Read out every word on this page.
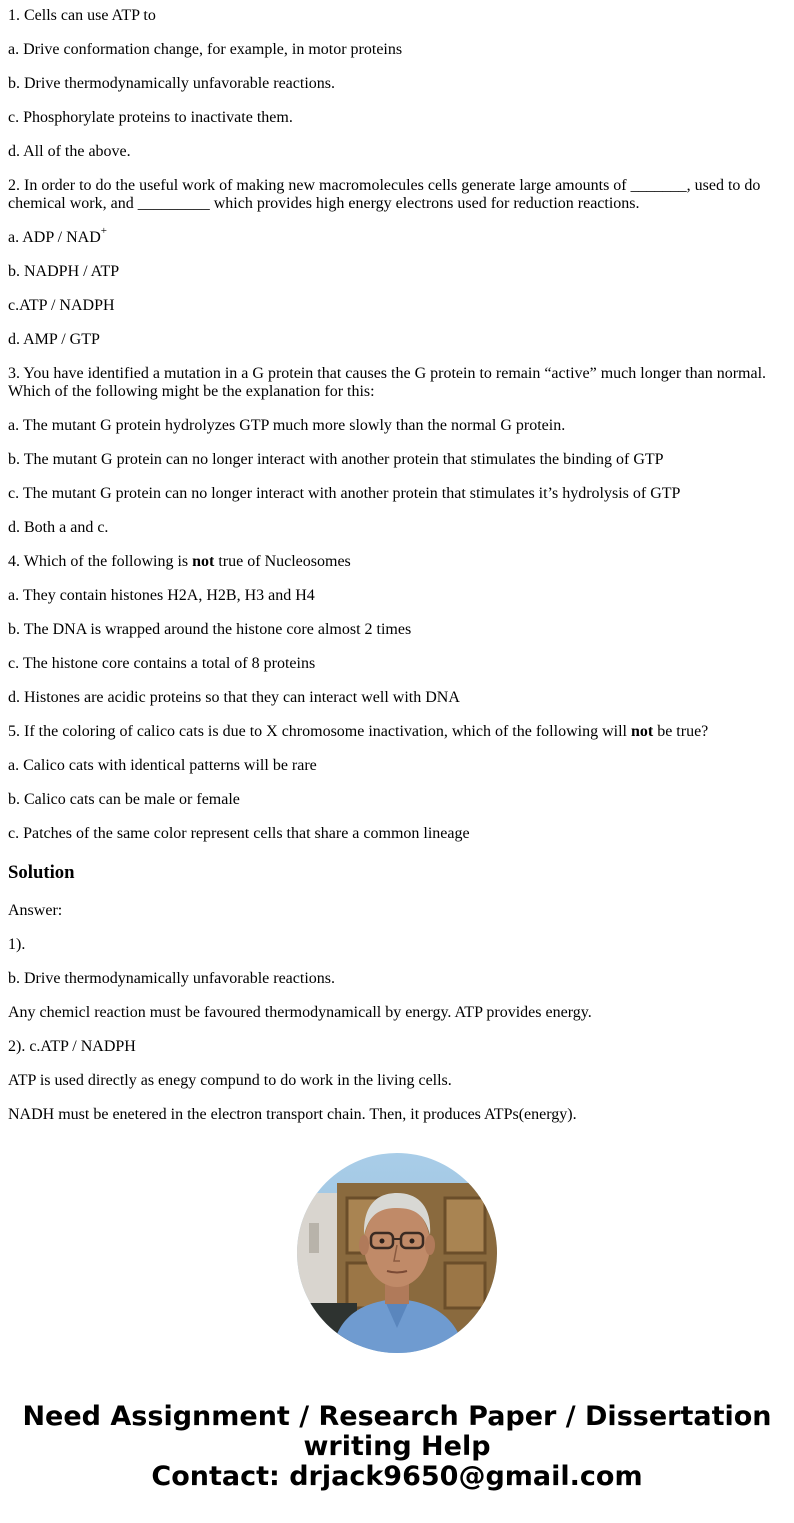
1. Cells can use ATP to

a. Drive conformation change, for example, in motor proteins

b. Drive thermodynamically unfavorable reactions.

c. Phosphorylate proteins to inactivate them.

d. All of the above.

2. In order to do the useful work of making new macromolecules cells generate large amounts of _______, used to do chemical work, and _________ which provides high energy electrons used for reduction reactions.

a. ADP / NAD+

b. NADPH / ATP

c.ATP / NADPH

d. AMP / GTP

3. You have identified a mutation in a G protein that causes the G protein to remain “active” much longer than normal. Which of the following might be the explanation for this:

a. The mutant G protein hydrolyzes GTP much more slowly than the normal G protein.

b. The mutant G protein can no longer interact with another protein that stimulates the binding of GTP

c. The mutant G protein can no longer interact with another protein that stimulates it’s hydrolysis of GTP

d. Both a and c.

4. Which of the following is not true of Nucleosomes

a. They contain histones H2A, H2B, H3 and H4

b. The DNA is wrapped around the histone core almost 2 times

c. The histone core contains a total of 8 proteins

d. Histones are acidic proteins so that they can interact well with DNA

5. If the coloring of calico cats is due to X chromosome inactivation, which of the following will not be true?

a. Calico cats with identical patterns will be rare

b. Calico cats can be male or female

c. Patches of the same color represent cells that share a common lineage

Solution

Answer:

1).

b. Drive thermodynamically unfavorable reactions.

Any chemicl reaction must be favoured thermodynamicall by energy. ATP provides energy.

2). c.ATP / NADPH

ATP is used directly as enegy compund to do work in the living cells.

NADH must be enetered in the electron transport chain. Then, it produces ATPs(energy).

Need Assignment / Research Paper / Dissertation writing Help
Contact: drjack9650@gmail.com
